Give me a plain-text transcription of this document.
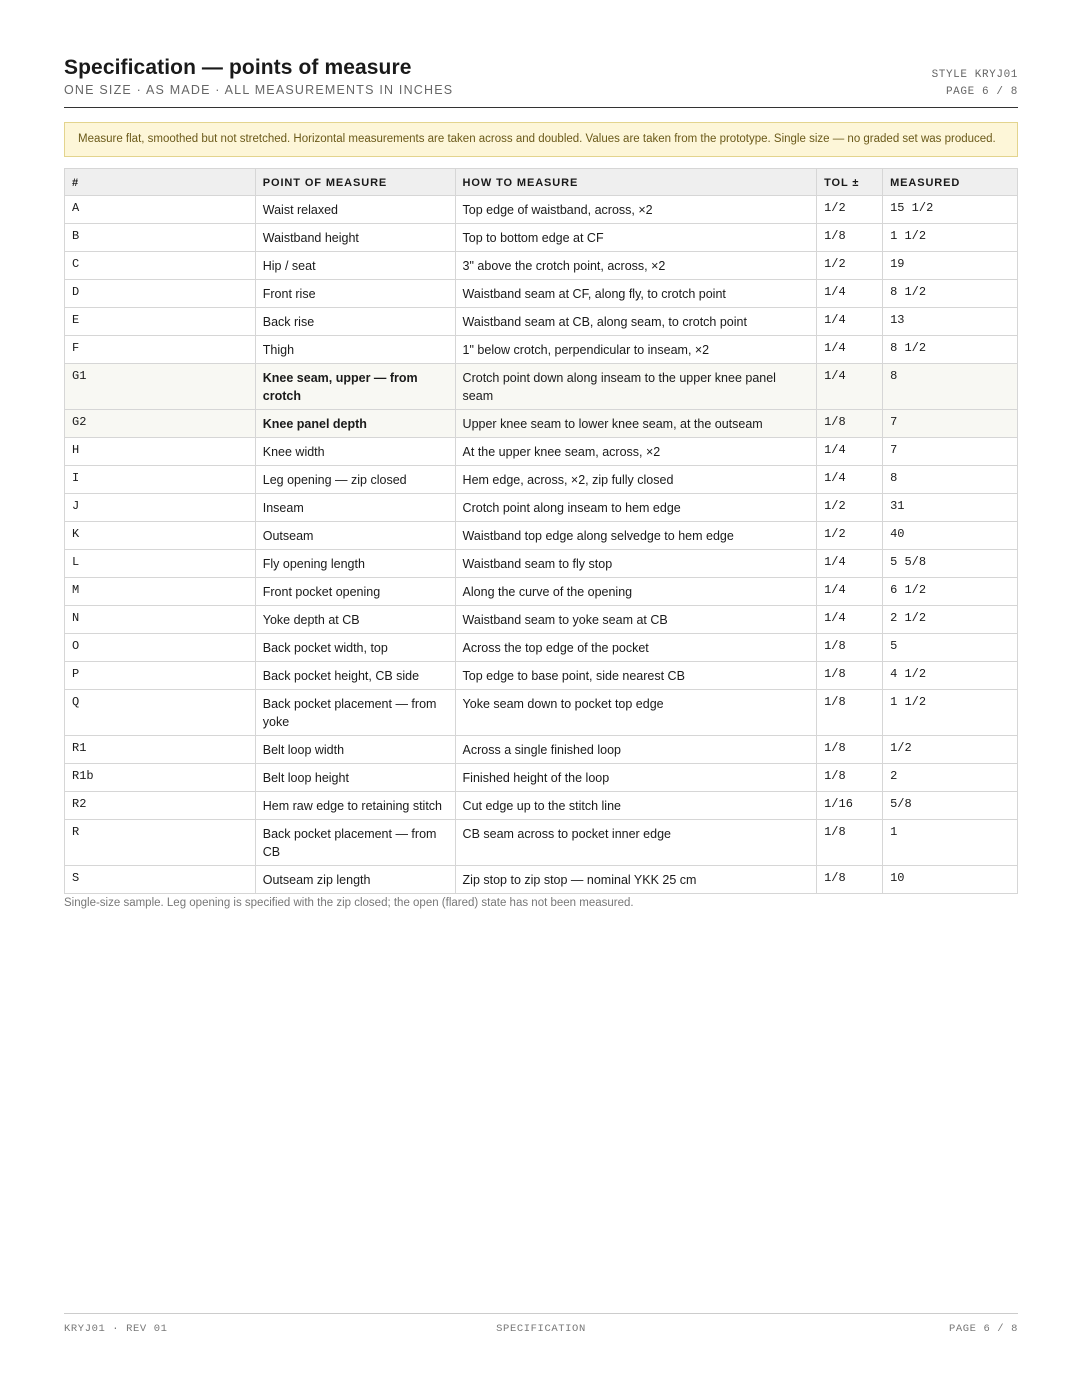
Specification — points of measure
ONE SIZE · AS MADE · ALL MEASUREMENTS IN INCHES
STYLE KRYJ01
PAGE 6 / 8
Measure flat, smoothed but not stretched. Horizontal measurements are taken across and doubled. Values are taken from the prototype. Single size — no graded set was produced.
#	POINT OF MEASURE	HOW TO MEASURE	TOL ±	MEASURED
A	Waist relaxed	Top edge of waistband, across, ×2	1/2	15 1/2
B	Waistband height	Top to bottom edge at CF	1/8	1 1/2
C	Hip / seat	3" above the crotch point, across, ×2	1/2	19
D	Front rise	Waistband seam at CF, along fly, to crotch point	1/4	8 1/2
E	Back rise	Waistband seam at CB, along seam, to crotch point	1/4	13
F	Thigh	1" below crotch, perpendicular to inseam, ×2	1/4	8 1/2
G1	Knee seam, upper — from crotch	Crotch point down along inseam to the upper knee panel seam	1/4	8
G2	Knee panel depth	Upper knee seam to lower knee seam, at the outseam	1/8	7
H	Knee width	At the upper knee seam, across, ×2	1/4	7
I	Leg opening — zip closed	Hem edge, across, ×2, zip fully closed	1/4	8
J	Inseam	Crotch point along inseam to hem edge	1/2	31
K	Outseam	Waistband top edge along selvedge to hem edge	1/2	40
L	Fly opening length	Waistband seam to fly stop	1/4	5 5/8
M	Front pocket opening	Along the curve of the opening	1/4	6 1/2
N	Yoke depth at CB	Waistband seam to yoke seam at CB	1/4	2 1/2
O	Back pocket width, top	Across the top edge of the pocket	1/8	5
P	Back pocket height, CB side	Top edge to base point, side nearest CB	1/8	4 1/2
Q	Back pocket placement — from yoke	Yoke seam down to pocket top edge	1/8	1 1/2
R1	Belt loop width	Across a single finished loop	1/8	1/2
R1b	Belt loop height	Finished height of the loop	1/8	2
R2	Hem raw edge to retaining stitch	Cut edge up to the stitch line	1/16	5/8
R	Back pocket placement — from CB	CB seam across to pocket inner edge	1/8	1
S	Outseam zip length	Zip stop to zip stop — nominal YKK 25 cm	1/8	10
Single-size sample. Leg opening is specified with the zip closed; the open (flared) state has not been measured.
KRYJ01 · REV 01	SPECIFICATION	PAGE 6 / 8
